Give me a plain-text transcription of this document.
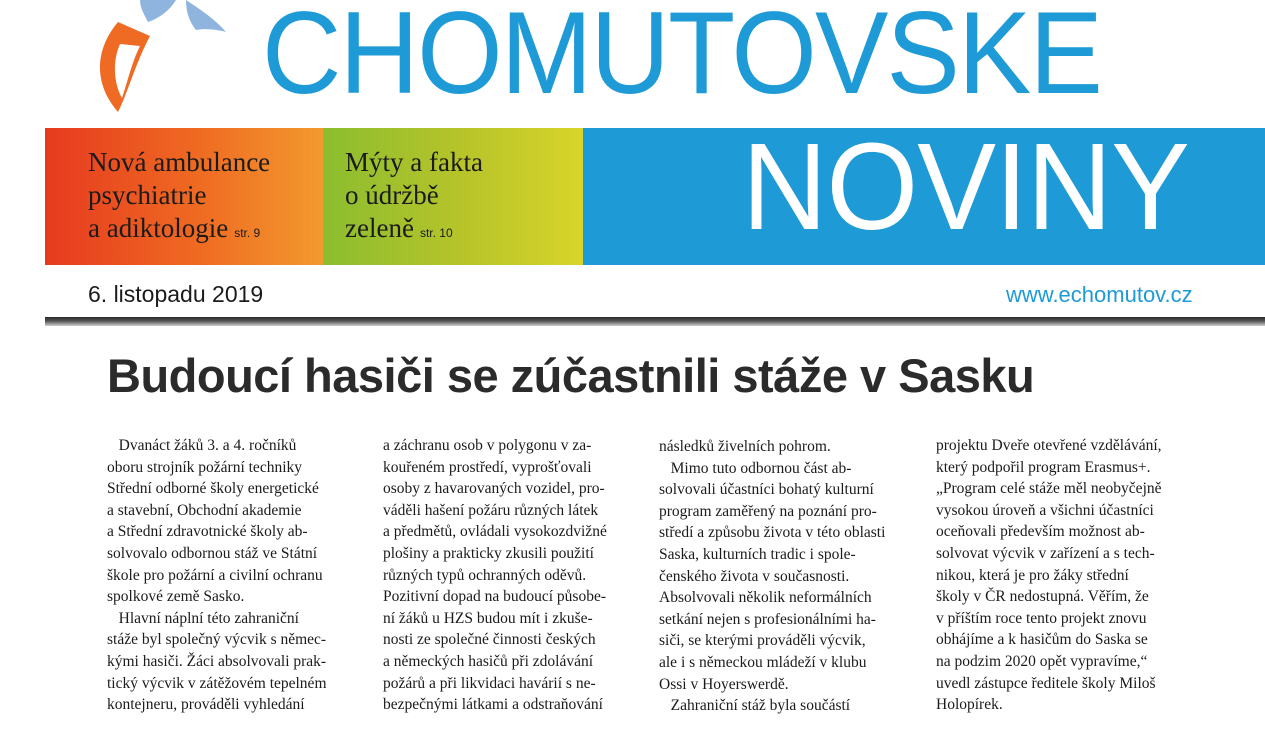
CHOMUTOVSKE
Nová ambulance
psychiatrie
a adiktologie str. 9
Mýty a fakta
o údržbě
zeleně str. 10 NOVINY
6. listopadu 2019	www.echomutov.cz
Budoucí hasiči se zúčastnili stáže v Sasku
Dvanáct žáků 3. a 4. ročníků
oboru strojník požární techniky
Střední odborné školy energetické
a stavební, Obchodní akademie
a Střední zdravotnické školy ab-
solvovalo odbornou stáž ve Státní
škole pro požární a civilní ochranu
spolkové země Sasko.
Hlavní náplní této zahraniční
stáže byl společný výcvik s němec-
kými hasiči. Žáci absolvovali prak-
tický výcvik v zátěžovém tepelném
kontejneru, prováděli vyhledání
a záchranu osob v polygonu v za-
kouřeném prostředí, vyprošťovali
osoby z havarovaných vozidel, pro-
váděli hašení požáru různých látek
a předmětů, ovládali vysokozdvižné
plošiny a prakticky zkusili použití
různých typů ochranných oděvů.
Pozitivní dopad na budoucí působe-
ní žáků u HZS budou mít i zkuše-
nosti ze společné činnosti českých
a německých hasičů při zdolávání
požárů a při likvidaci havárií s ne-
bezpečnými látkami a odstraňování
následků živelních pohrom.
Mimo tuto odbornou část ab-
solvovali účastníci bohatý kulturní
program zaměřený na poznání pro-
středí a způsobu života v této oblasti
Saska, kulturních tradic i spole-
čenského života v současnosti.
Absolvovali několik neformálních
setkání nejen s profesionálními ha-
siči, se kterými prováděli výcvik,
ale i s německou mládeží v klubu
Ossi v Hoyerswerdě.
Zahraniční stáž byla součástí
projektu Dveře otevřené vzdělávání,
který podpořil program Erasmus+.
„Program celé stáže měl neobyčejně
vysokou úroveň a všichni účastníci
oceňovali především možnost ab-
solvovat výcvik v zařízení a s tech-
nikou, která je pro žáky střední
školy v ČR nedostupná. Věřím, že
v příštím roce tento projekt znovu
obhájíme a k hasičům do Saska se
na podzim 2020 opět vypravíme,“
uvedl zástupce ředitele školy Miloš
Holopírek.
